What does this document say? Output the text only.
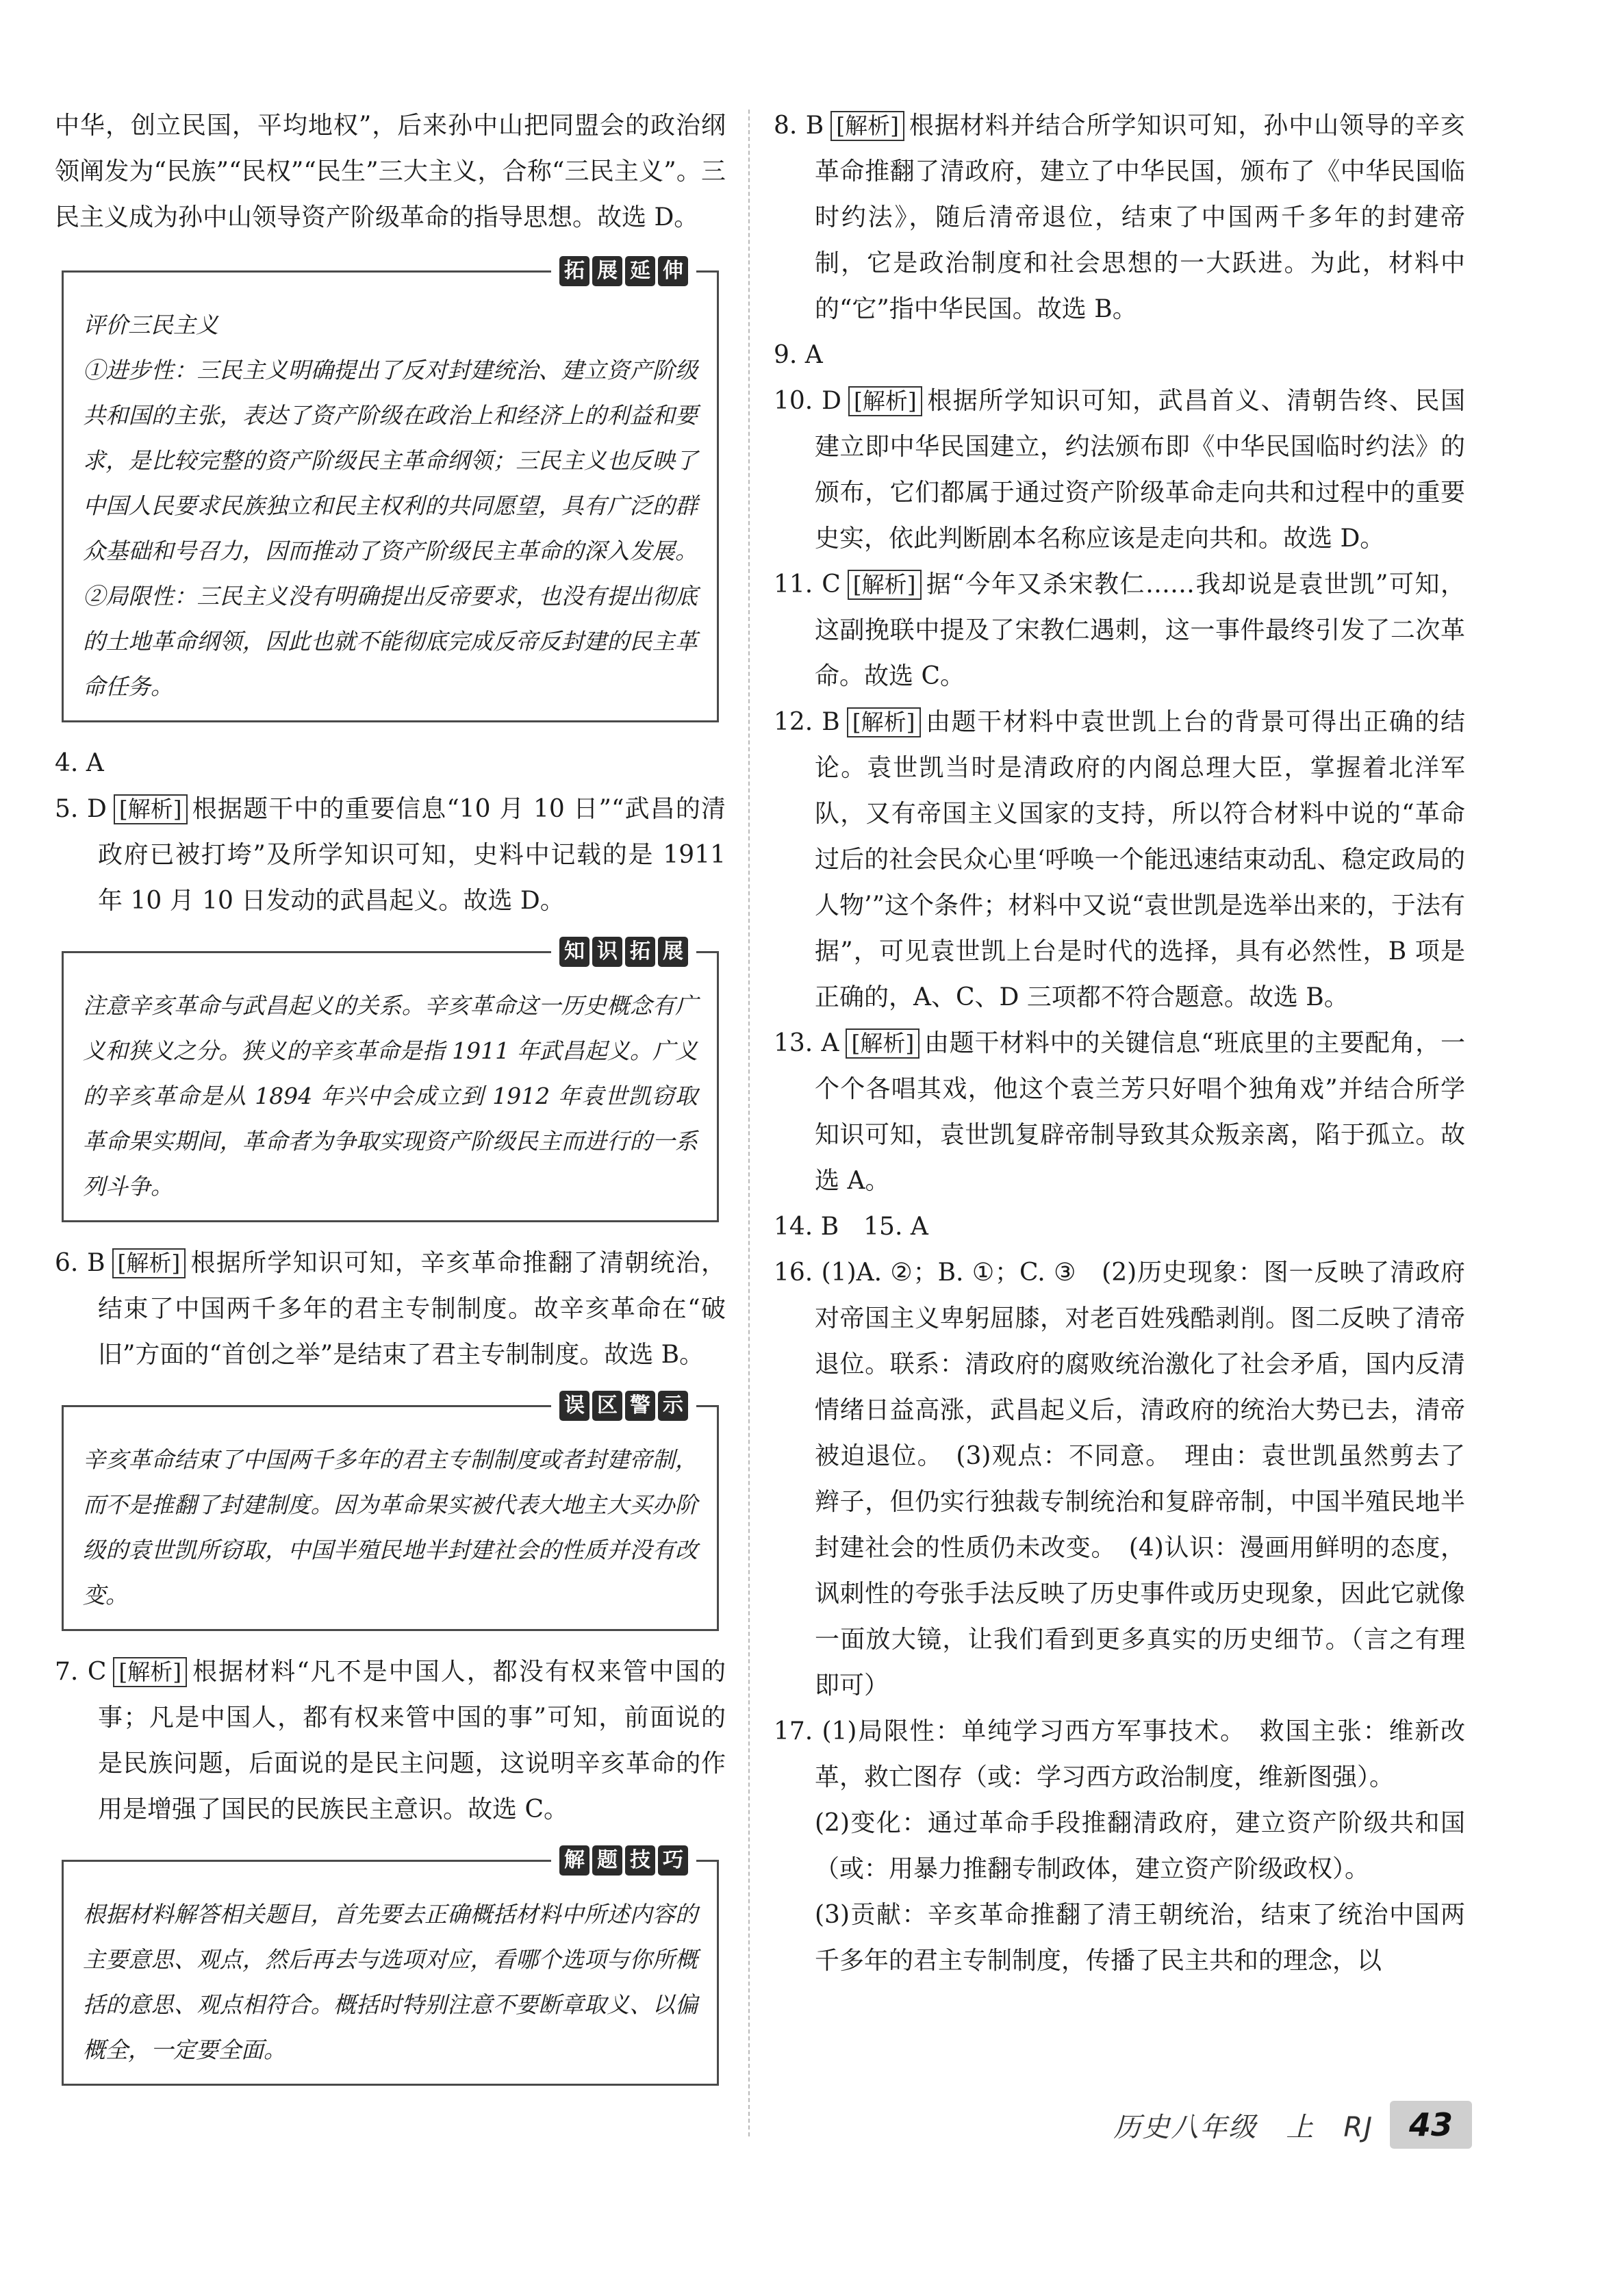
中华，创立民国，平均地权”，后来孙中山把同盟会的政治纲领阐发为“民族”“民权”“民生”三大主义，合称“三民主义”。三民主义成为孙中山领导资产阶级革命的指导思想。故选 D。

拓 展 延 伸

评价三民主义

①进步性：三民主义明确提出了反对封建统治、建立资产阶级共和国的主张，表达了资产阶级在政治上和经济上的利益和要求，是比较完整的资产阶级民主革命纲领；三民主义也反映了中国人民要求民族独立和民主权利的共同愿望，具有广泛的群众基础和号召力，因而推动了资产阶级民主革命的深入发展。②局限性：三民主义没有明确提出反帝要求，也没有提出彻底的土地革命纲领，因此也就不能彻底完成反帝反封建的民主革命任务。

4. A

5. D [解析] 根据题干中的重要信息“10 月 10 日”“武昌的清政府已被打垮”及所学知识可知，史料中记载的是 1911 年 10 月 10 日发动的武昌起义。故选 D。

知 识 拓 展

注意辛亥革命与武昌起义的关系。辛亥革命这一历史概念有广义和狭义之分。狭义的辛亥革命是指 1911 年武昌起义。广义的辛亥革命是从 1894 年兴中会成立到 1912 年袁世凯窃取革命果实期间，革命者为争取实现资产阶级民主而进行的一系列斗争。

6. B [解析] 根据所学知识可知，辛亥革命推翻了清朝统治，结束了中国两千多年的君主专制制度。故辛亥革命在“破旧”方面的“首创之举”是结束了君主专制制度。故选 B。

误 区 警 示

辛亥革命结束了中国两千多年的君主专制制度或者封建帝制，而不是推翻了封建制度。因为革命果实被代表大地主大买办阶级的袁世凯所窃取，中国半殖民地半封建社会的性质并没有改变。

7. C [解析] 根据材料“凡不是中国人，都没有权来管中国的事；凡是中国人，都有权来管中国的事”可知，前面说的是民族问题，后面说的是民主问题，这说明辛亥革命的作用是增强了国民的民族民主意识。故选 C。

解 题 技 巧

根据材料解答相关题目，首先要去正确概括材料中所述内容的主要意思、观点，然后再去与选项对应，看哪个选项与你所概括的意思、观点相符合。概括时特别注意不要断章取义、以偏概全，一定要全面。

8. B [解析] 根据材料并结合所学知识可知，孙中山领导的辛亥革命推翻了清政府，建立了中华民国，颁布了《中华民国临时约法》，随后清帝退位，结束了中国两千多年的封建帝制，它是政治制度和社会思想的一大跃进。为此，材料中的“它”指中华民国。故选 B。

9. A

10. D [解析] 根据所学知识可知，武昌首义、清朝告终、民国建立即中华民国建立，约法颁布即《中华民国临时约法》的颁布，它们都属于通过资产阶级革命走向共和过程中的重要史实，依此判断剧本名称应该是走向共和。故选 D。

11. C [解析] 据“今年又杀宋教仁……我却说是袁世凯”可知，这副挽联中提及了宋教仁遇刺，这一事件最终引发了二次革命。故选 C。

12. B [解析] 由题干材料中袁世凯上台的背景可得出正确的结论。袁世凯当时是清政府的内阁总理大臣，掌握着北洋军队，又有帝国主义国家的支持，所以符合材料中说的“革命过后的社会民众心里‘呼唤一个能迅速结束动乱、稳定政局的人物’”这个条件；材料中又说“袁世凯是选举出来的，于法有据”，可见袁世凯上台是时代的选择，具有必然性，B 项是正确的，A、C、D 三项都不符合题意。故选 B。

13. A [解析] 由题干材料中的关键信息“班底里的主要配角，一个个各唱其戏，他这个袁兰芳只好唱个独角戏”并结合所学知识可知，袁世凯复辟帝制导致其众叛亲离，陷于孤立。故选 A。

14. B　15. A

16. (1)A. ②；B. ①；C. ③　(2)历史现象：图一反映了清政府对帝国主义卑躬屈膝，对老百姓残酷剥削。图二反映了清帝退位。联系：清政府的腐败统治激化了社会矛盾，国内反清情绪日益高涨，武昌起义后，清政府的统治大势已去，清帝被迫退位。　(3)观点：不同意。　理由：袁世凯虽然剪去了辫子，但仍实行独裁专制统治和复辟帝制，中国半殖民地半封建社会的性质仍未改变。　(4)认识：漫画用鲜明的态度，讽刺性的夸张手法反映了历史事件或历史现象，因此它就像一面放大镜，让我们看到更多真实的历史细节。（言之有理即可）

17. (1)局限性：单纯学习西方军事技术。　救国主张：维新改革，救亡图存（或：学习西方政治制度，维新图强）。

(2)变化：通过革命手段推翻清政府，建立资产阶级共和国（或：用暴力推翻专制政体，建立资产阶级政权）。

(3)贡献：辛亥革命推翻了清王朝统治，结束了统治中国两千多年的君主专制制度，传播了民主共和的理念，以

历史八年级　上　RJ	43
